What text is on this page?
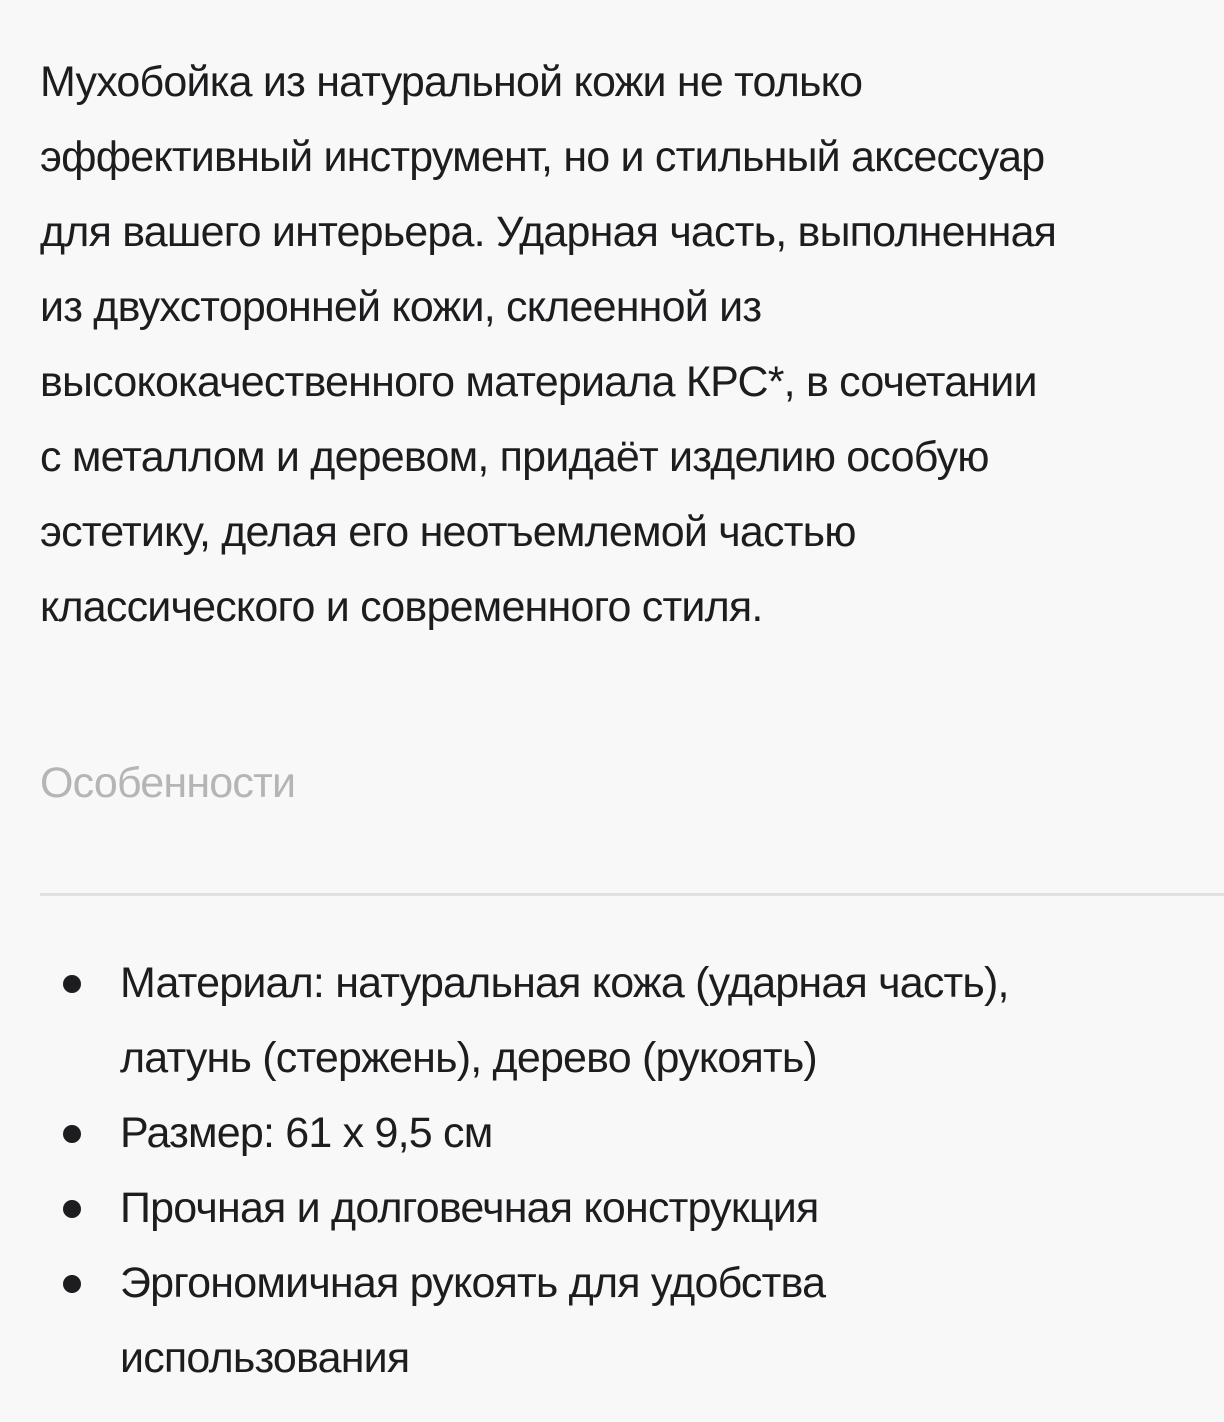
Мухобойка из натуральной кожи не только
эффективный инструмент, но и стильный аксессуар
для вашего интерьера. Ударная часть, выполненная
из двухсторонней кожи, склеенной из
высококачественного материала КРС*, в сочетании
с металлом и деревом, придаёт изделию особую
эстетику, делая его неотъемлемой частью
классического и современного стиля.
Особенности
Материал: натуральная кожа (ударная часть),
латунь (стержень), дерево (рукоять)
Размер: 61 x 9,5 см
Прочная и долговечная конструкция
Эргономичная рукоять для удобства
использования
